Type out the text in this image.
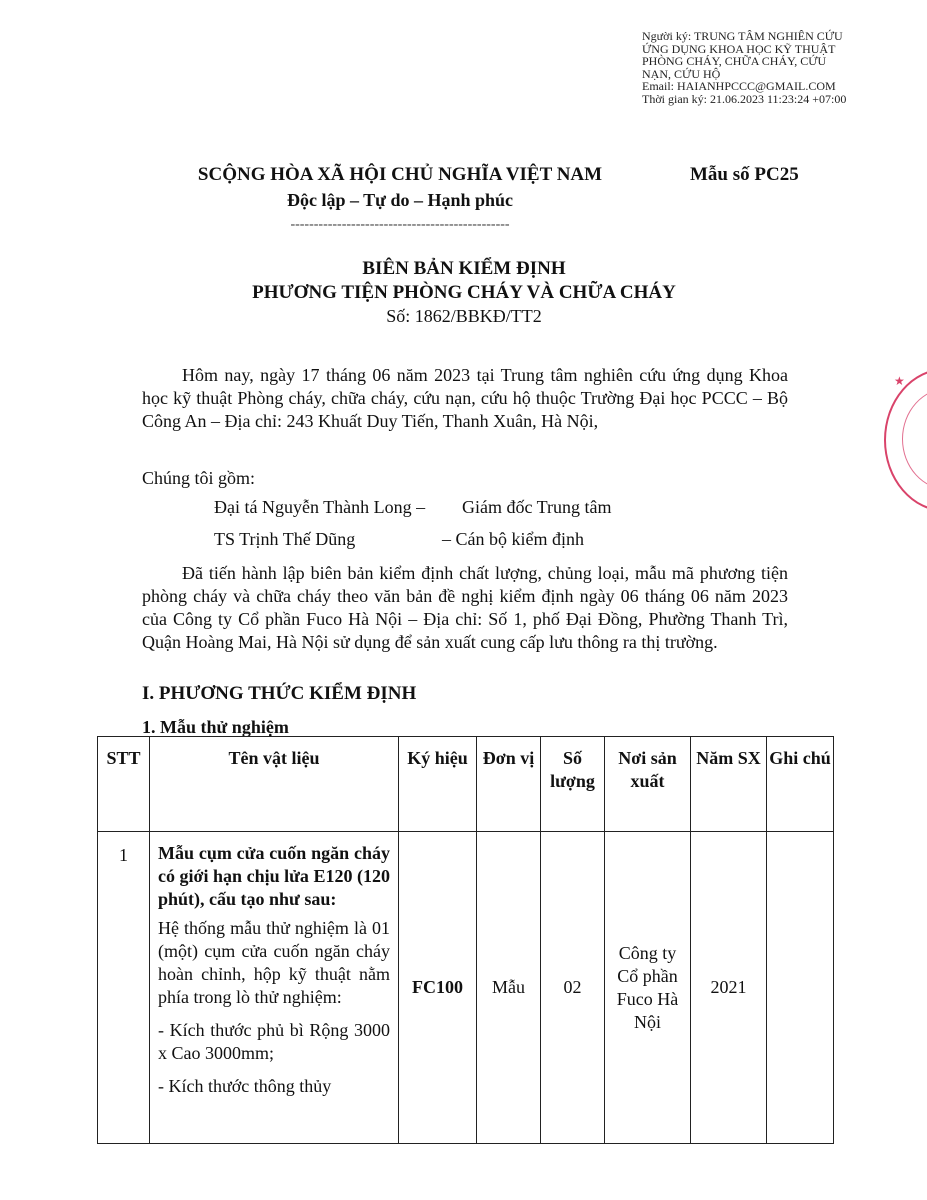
Người ký: TRUNG TÂM NGHIÊN CỨU
ỨNG DỤNG KHOA HỌC KỸ THUẬT
PHÒNG CHÁY, CHỮA CHÁY, CỨU
NẠN, CỨU HỘ
Email: HAIANHPCCC@GMAIL.COM
Thời gian ký: 21.06.2023 11:23:24 +07:00
★
SCỘNG HÒA XÃ HỘI CHỦ NGHĨA VIỆT NAM
Độc lập – Tự do – Hạnh phúc
-----------------------------------------------
Mẫu số PC25
BIÊN BẢN KIỂM ĐỊNH
PHƯƠNG TIỆN PHÒNG CHÁY VÀ CHỮA CHÁY
Số: 1862/BBKĐ/TT2
Hôm nay, ngày 17 tháng 06 năm 2023 tại Trung tâm nghiên cứu ứng dụng Khoa học kỹ thuật Phòng cháy, chữa cháy, cứu nạn, cứu hộ thuộc Trường Đại học PCCC – Bộ Công An – Địa chỉ: 243 Khuất Duy Tiến, Thanh Xuân, Hà Nội,
Chúng tôi gồm:
Đại tá Nguyễn Thành Long – Giám đốc Trung tâm
TS Trịnh Thế Dũng	– Cán bộ kiểm định
Đã tiến hành lập biên bản kiểm định chất lượng, chủng loại, mẫu mã phương tiện phòng cháy và chữa cháy theo văn bản đề nghị kiểm định ngày 06 tháng 06 năm 2023 của Công ty Cổ phần Fuco Hà Nội – Địa chỉ: Số 1, phố Đại Đồng, Phường Thanh Trì, Quận Hoàng Mai, Hà Nội sử dụng để sản xuất cung cấp lưu thông ra thị trường.
I. PHƯƠNG THỨC KIỂM ĐỊNH
1. Mẫu thử nghiệm
STT	Tên vật liệu	Ký hiệu	Đơn vị	Số lượng	Nơi sản xuất	Năm SX	Ghi chú
1	Mẫu cụm cửa cuốn ngăn cháy có giới hạn chịu lửa E120 (120 phút), cấu tạo như sau:
Hệ thống mẫu thử nghiệm là 01 (một) cụm cửa cuốn ngăn cháy hoàn chỉnh, hộp kỹ thuật nằm phía trong lò thử nghiệm:
- Kích thước phủ bì Rộng 3000 x Cao 3000mm;
- Kích thước thông thủy	FC100	Mẫu	02	Công ty Cổ phần Fuco Hà Nội	2021	
